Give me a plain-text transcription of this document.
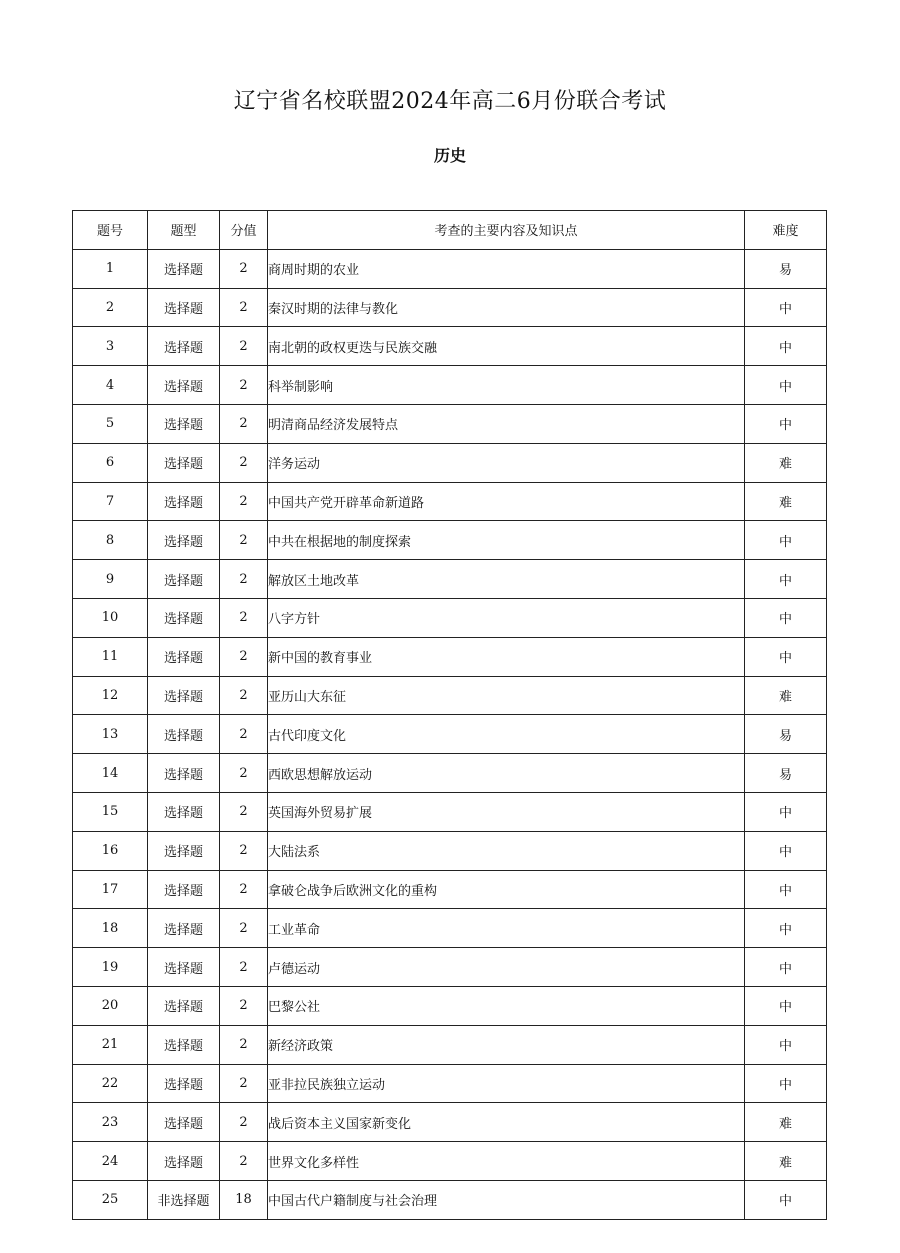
辽宁省名校联盟2024年高二6月份联合考试
历史
题号	题型	分值	考查的主要内容及知识点	难度
1	选择题	2	商周时期的农业	易
2	选择题	2	秦汉时期的法律与教化	中
3	选择题	2	南北朝的政权更迭与民族交融	中
4	选择题	2	科举制影响	中
5	选择题	2	明清商品经济发展特点	中
6	选择题	2	洋务运动	难
7	选择题	2	中国共产党开辟革命新道路	难
8	选择题	2	中共在根据地的制度探索	中
9	选择题	2	解放区土地改革	中
10	选择题	2	八字方针	中
11	选择题	2	新中国的教育事业	中
12	选择题	2	亚历山大东征	难
13	选择题	2	古代印度文化	易
14	选择题	2	西欧思想解放运动	易
15	选择题	2	英国海外贸易扩展	中
16	选择题	2	大陆法系	中
17	选择题	2	拿破仑战争后欧洲文化的重构	中
18	选择题	2	工业革命	中
19	选择题	2	卢德运动	中
20	选择题	2	巴黎公社	中
21	选择题	2	新经济政策	中
22	选择题	2	亚非拉民族独立运动	中
23	选择题	2	战后资本主义国家新变化	难
24	选择题	2	世界文化多样性	难
25	非选择题	18	中国古代户籍制度与社会治理	中
